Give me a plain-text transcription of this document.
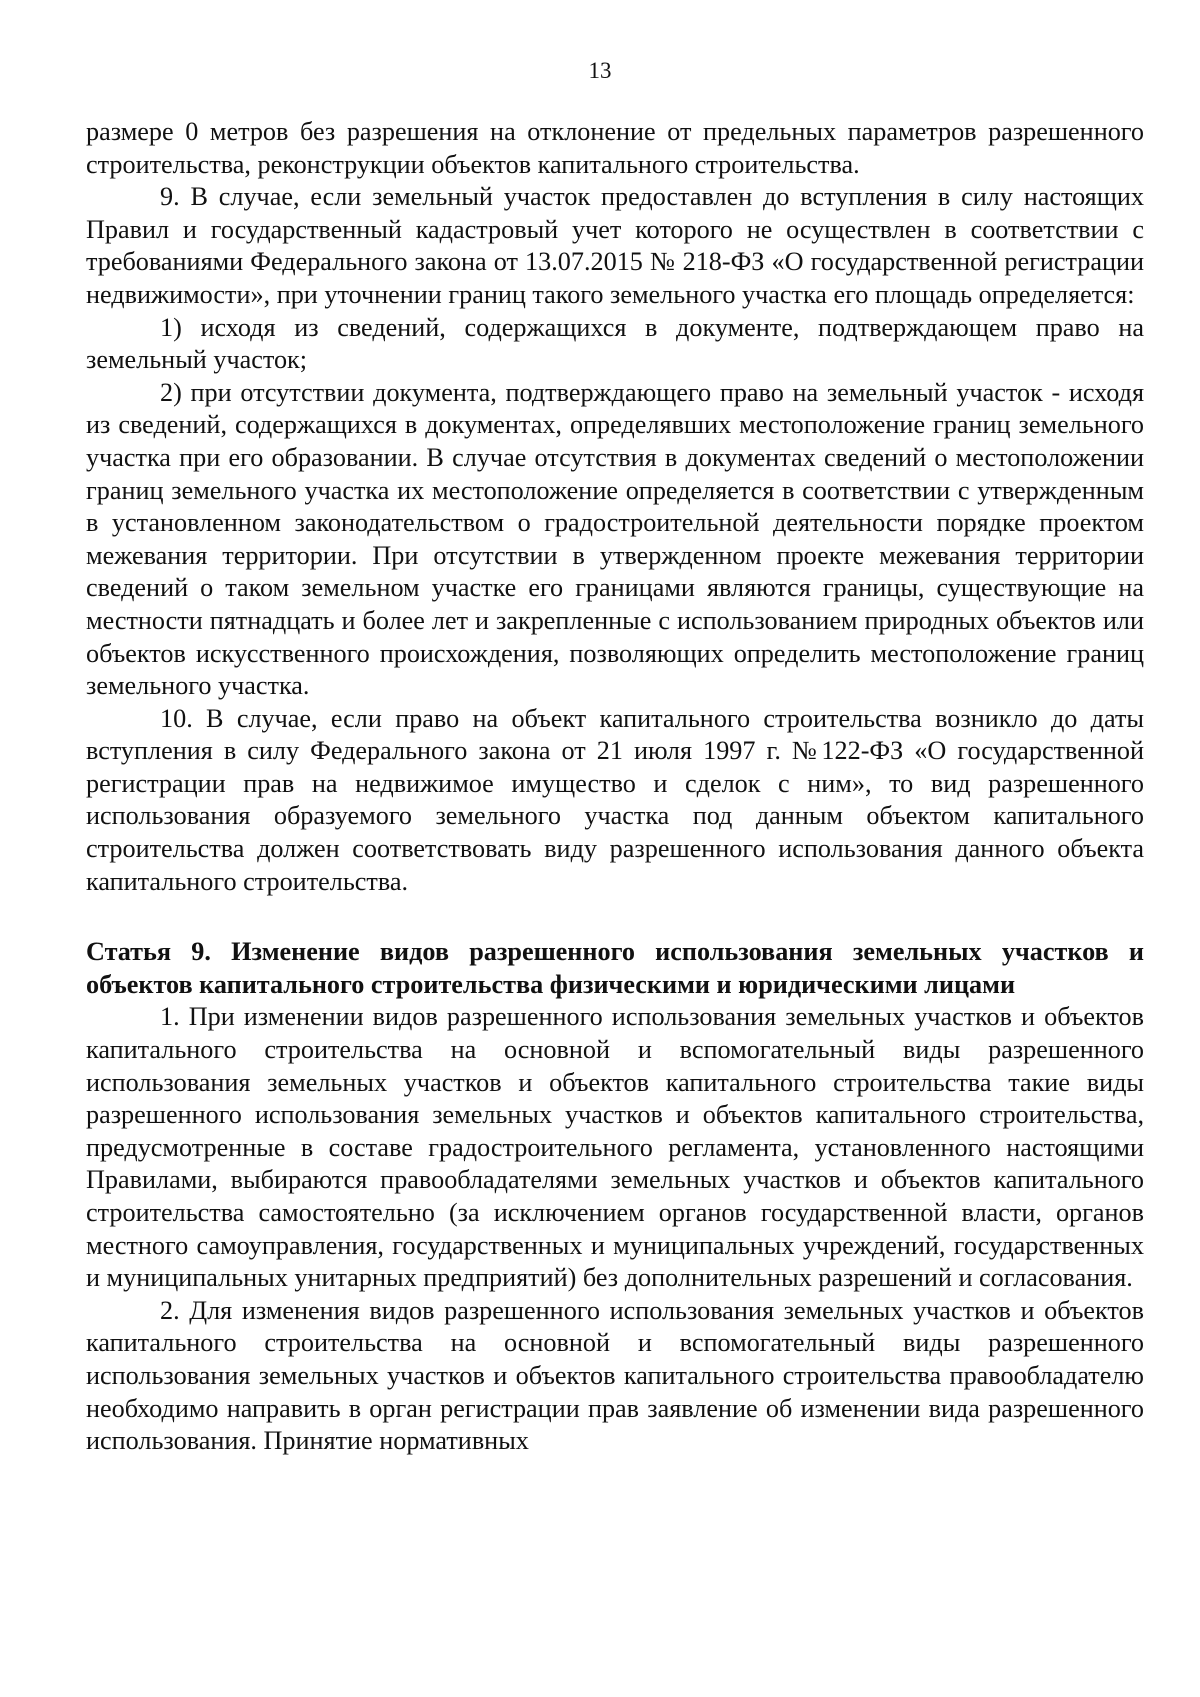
13

размере 0 метров без разрешения на отклонение от предельных параметров разрешенного строительства, реконструкции объектов капитального строительства.

9. В случае, если земельный участок предоставлен до вступления в силу настоящих Правил и государственный кадастровый учет которого не осуществлен в соответствии с требованиями Федерального закона от 13.07.2015 № 218-ФЗ «О государственной регистрации недвижимости», при уточнении границ такого земельного участка его площадь определяется:

1) исходя из сведений, содержащихся в документе, подтверждающем право на земельный участок;

2) при отсутствии документа, подтверждающего право на земельный участок - исходя из сведений, содержащихся в документах, определявших местоположение границ земельного участка при его образовании. В случае отсутствия в документах сведений о местоположении границ земельного участка их местоположение определяется в соответствии с утвержденным в установленном законодательством о градостроительной деятельности порядке проектом межевания территории. При отсутствии в утвержденном проекте межевания территории сведений о таком земельном участке его границами являются границы, существующие на местности пятнадцать и более лет и закрепленные с использованием природных объектов или объектов искусственного происхождения, позволяющих определить местоположение границ земельного участка.

10. В случае, если право на объект капитального строительства возникло до даты вступления в силу Федерального закона от 21 июля 1997 г. №122-ФЗ «О государственной регистрации прав на недвижимое имущество и сделок с ним», то вид разрешенного использования образуемого земельного участка под данным объектом капитального строительства должен соответствовать виду разрешенного использования данного объекта капитального строительства.

Статья 9. Изменение видов разрешенного использования земельных участков и объектов капитального строительства физическими и юридическими лицами

1. При изменении видов разрешенного использования земельных участков и объектов капитального строительства на основной и вспомогательный виды разрешенного использования земельных участков и объектов капитального строительства такие виды разрешенного использования земельных участков и объектов капитального строительства, предусмотренные в составе градостроительного регламента, установленного настоящими Правилами, выбираются правообладателями земельных участков и объектов капитального строительства самостоятельно (за исключением органов государственной власти, органов местного самоуправления, государственных и муниципальных учреждений, государственных и муниципальных унитарных предприятий) без дополнительных разрешений и согласования.

2. Для изменения видов разрешенного использования земельных участков и объектов капитального строительства на основной и вспомогательный виды разрешенного использования земельных участков и объектов капитального строительства правообладателю необходимо направить в орган регистрации прав заявление об изменении вида разрешенного использования. Принятие нормативных
